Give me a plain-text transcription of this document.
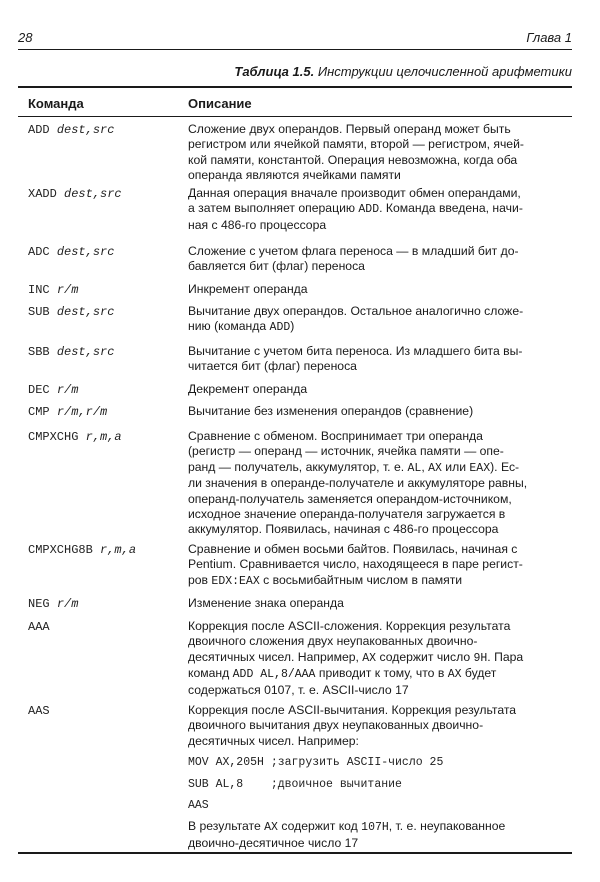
28	Глава 1
Таблица 1.5. Инструкции целочисленной арифметики
Команда	Описание
ADD dest,src	Сложение двух операндов. Первый операнд может быть
регистром или ячейкой памяти, второй — регистром, ячей-
кой памяти, константой. Операция невозможна, когда оба
операнда являются ячейками памяти
XADD dest,src	Данная операция вначале производит обмен операндами,
а затем выполняет операцию ADD. Команда введена, начи-
ная с 486-го процессора
ADC dest,src	Сложение с учетом флага переноса — в младший бит до-
бавляется бит (флаг) переноса
INC r/m	Инкремент операнда
SUB dest,src	Вычитание двух операндов. Остальное аналогично сложе-
нию (команда ADD)
SBB dest,src	Вычитание с учетом бита переноса. Из младшего бита вы-
читается бит (флаг) переноса
DEC r/m	Декремент операнда
CMP r/m,r/m	Вычитание без изменения операндов (сравнение)
CMPXCHG r,m,a	Сравнение с обменом. Воспринимает три операнда
(регистр — операнд — источник, ячейка памяти — опе-
ранд — получатель, аккумулятор, т. е. AL, AX или EAX). Ес-
ли значения в операнде-получателе и аккумуляторе равны,
операнд-получатель заменяется операндом-источником,
исходное значение операнда-получателя загружается в
аккумулятор. Появилась, начиная с 486-го процессора
CMPXCHG8B r,m,a	Сравнение и обмен восьми байтов. Появилась, начиная с
Pentium. Сравнивается число, находящееся в паре регист-
ров EDX:EAX с восьмибайтным числом в памяти
NEG r/m	Изменение знака операнда
AAA	Коррекция после ASCII-сложения. Коррекция результата
двоичного сложения двух неупакованных двоично-
десятичных чисел. Например, AX содержит число 9H. Пара
команд ADD AL,8/AAA приводит к тому, что в AX будет
содержаться 0107, т. е. ASCII-число 17
AAS	Коррекция после ASCII-вычитания. Коррекция результата
двоичного вычитания двух неупакованных двоично-
десятичных чисел. Например:
MOV AX,205H ;загрузить ASCII-число 25
SUB AL,8    ;двоичное вычитание
AAS
В результате AX содержит код 107H, т. е. неупакованное
двоично-десятичное число 17
